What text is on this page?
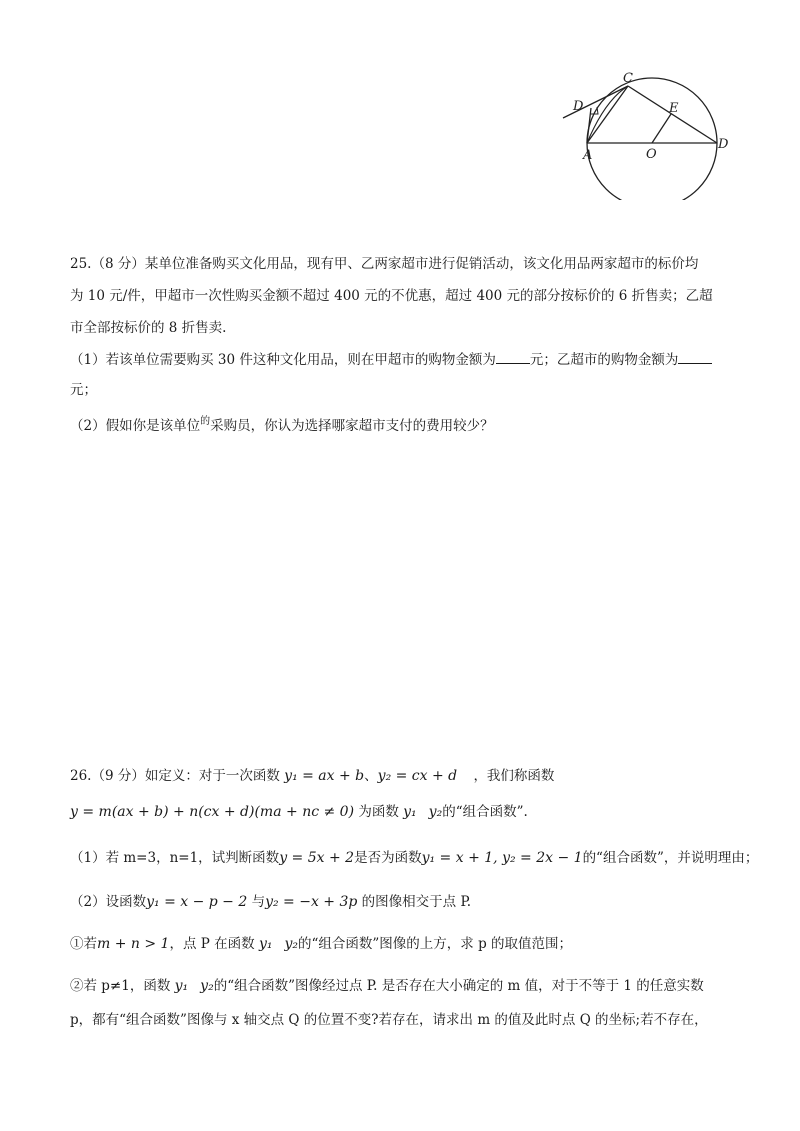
C
D	E
A	O
D
25.（8 分）某单位准备购买文化用品，现有甲、乙两家超市进行促销活动，该文化用品两家超市的标价均
为 10 元/件，甲超市一次性购买金额不超过 400 元的不优惠，超过 400 元的部分按标价的 6 折售卖；乙超
市全部按标价的 8 折售卖.
（1）若该单位需要购买 30 件这种文化用品，则在甲超市的购物金额为	元；乙超市的购物金额为
元；
（2）假如你是该单位$^的$采购员，你认为选择哪家超市支付的费用较少？
26.（9 分）如定义：对于一次函数 y₁ = ax + b、y₂ = cx + d ，我们称函数
y = m(ax + b) + n(cx + d)(ma + nc ≠ 0) 为函数 y₁ y₂的“组合函数”.
（1）若 m=3，n=1，试判断函数y = 5x + 2是否为函数y₁ = x + 1, y₂ = 2x − 1的“组合函数”，并说明理由；
（2）设函数y₁ = x − p − 2 与y₂ = −x + 3p 的图像相交于点 P.
①若m + n > 1，点 P 在函数 y₁ y₂的“组合函数”图像的上方，求 p 的取值范围；
②若 p≠1，函数 y₁ y₂的“组合函数”图像经过点 P. 是否存在大小确定的 m 值，对于不等于 1 的任意实数
p，都有“组合函数”图像与 x 轴交点 Q 的位置不变?若存在，请求出 m 的值及此时点 Q 的坐标;若不存在，
